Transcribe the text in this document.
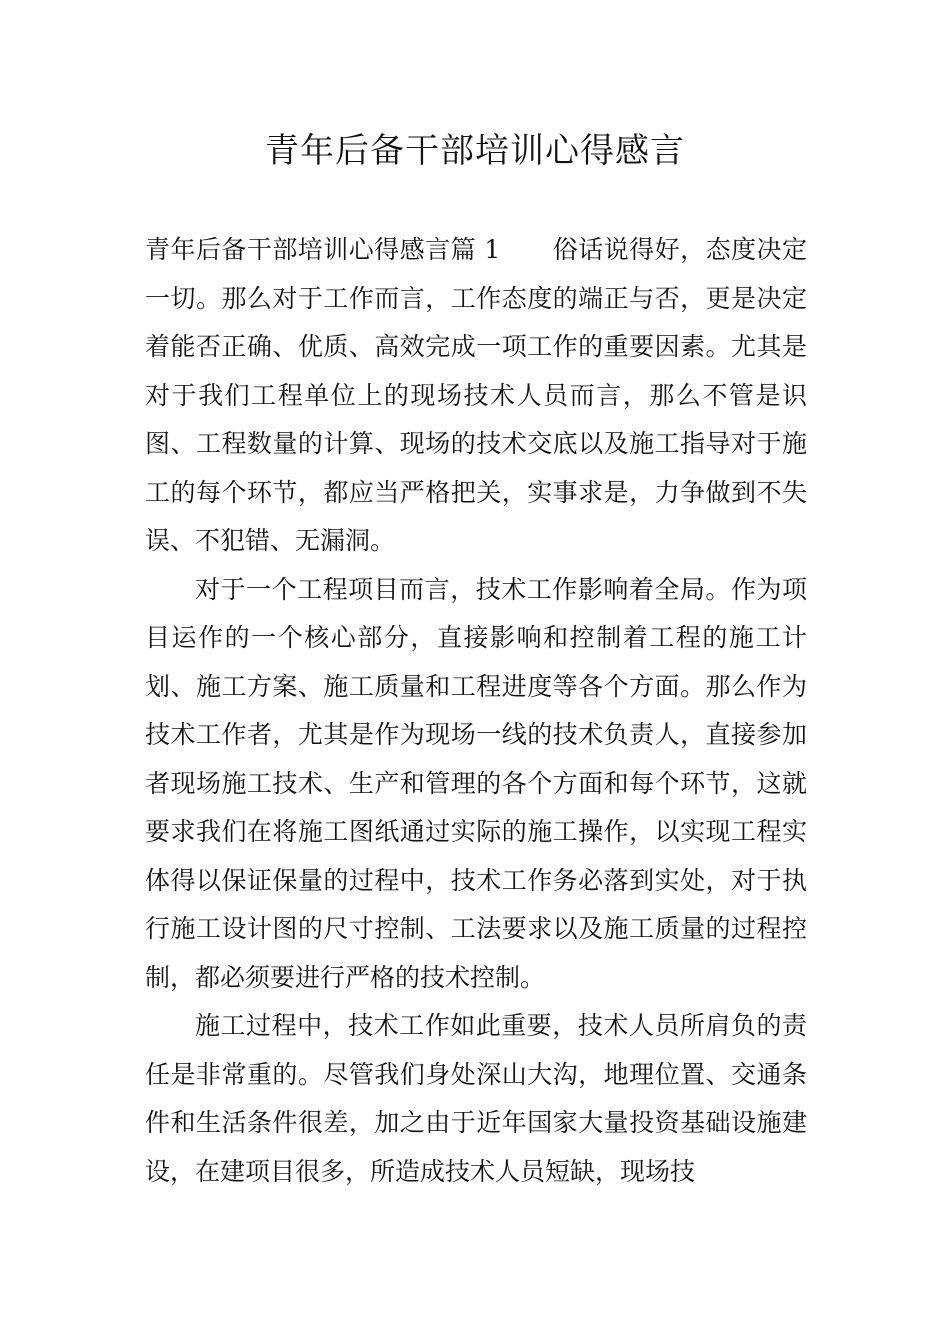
青年后备干部培训心得感言

青年后备干部培训心得感言篇 1 俗话说得好，态度决定一切。那么对于工作而言，工作态度的端正与否，更是决定着能否正确、优质、高效完成一项工作的重要因素。尤其是对于我们工程单位上的现场技术人员而言，那么不管是识图、工程数量的计算、现场的技术交底以及施工指导对于施工的每个环节，都应当严格把关，实事求是，力争做到不失误、不犯错、无漏洞。

对于一个工程项目而言，技术工作影响着全局。作为项目运作的一个核心部分，直接影响和控制着工程的施工计划、施工方案、施工质量和工程进度等各个方面。那么作为技术工作者，尤其是作为现场一线的技术负责人，直接参加者现场施工技术、生产和管理的各个方面和每个环节，这就要求我们在将施工图纸通过实际的施工操作，以实现工程实体得以保证保量的过程中，技术工作务必落到实处，对于执行施工设计图的尺寸控制、工法要求以及施工质量的过程控制，都必须要进行严格的技术控制。

施工过程中，技术工作如此重要，技术人员所肩负的责任是非常重的。尽管我们身处深山大沟，地理位置、交通条件和生活条件很差，加之由于近年国家大量投资基础设施建设，在建项目很多，所造成技术人员短缺，现场技
